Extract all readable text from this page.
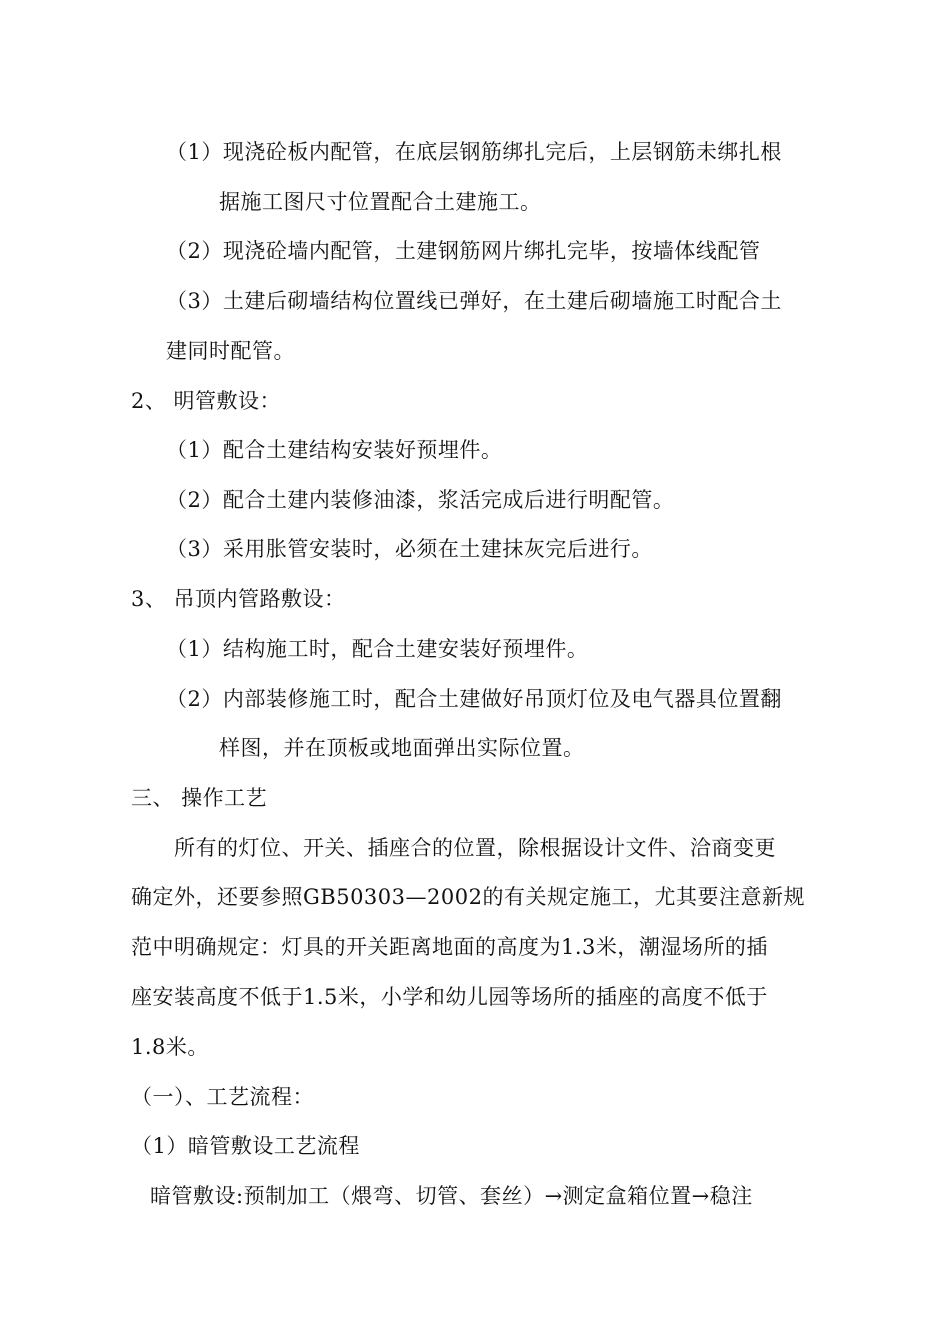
（1）现浇砼板内配管，在底层钢筋绑扎完后，上层钢筋未绑扎根
据施工图尺寸位置配合土建施工。
（2）现浇砼墙内配管，土建钢筋网片绑扎完毕，按墙体线配管
（3）土建后砌墙结构位置线已弹好，在土建后砌墙施工时配合土
建同时配管。
2、 明管敷设：
（1）配合土建结构安装好预埋件。
（2）配合土建内装修油漆，浆活完成后进行明配管。
（3）采用胀管安装时，必须在土建抹灰完后进行。
3、 吊顶内管路敷设：
（1）结构施工时，配合土建安装好预埋件。
（2）内部装修施工时，配合土建做好吊顶灯位及电气器具位置翻
样图，并在顶板或地面弹出实际位置。
三、 操作工艺
所有的灯位、开关、插座合的位置，除根据设计文件、洽商变更
确定外，还要参照GB50303—2002的有关规定施工，尤其要注意新规
范中明确规定：灯具的开关距离地面的高度为1.3米，潮湿场所的插
座安装高度不低于1.5米，小学和幼儿园等场所的插座的高度不低于
1.8米。
（一）、工艺流程：
（1）暗管敷设工艺流程
暗管敷设:预制加工（煨弯、切管、套丝）→测定盒箱位置→稳注
